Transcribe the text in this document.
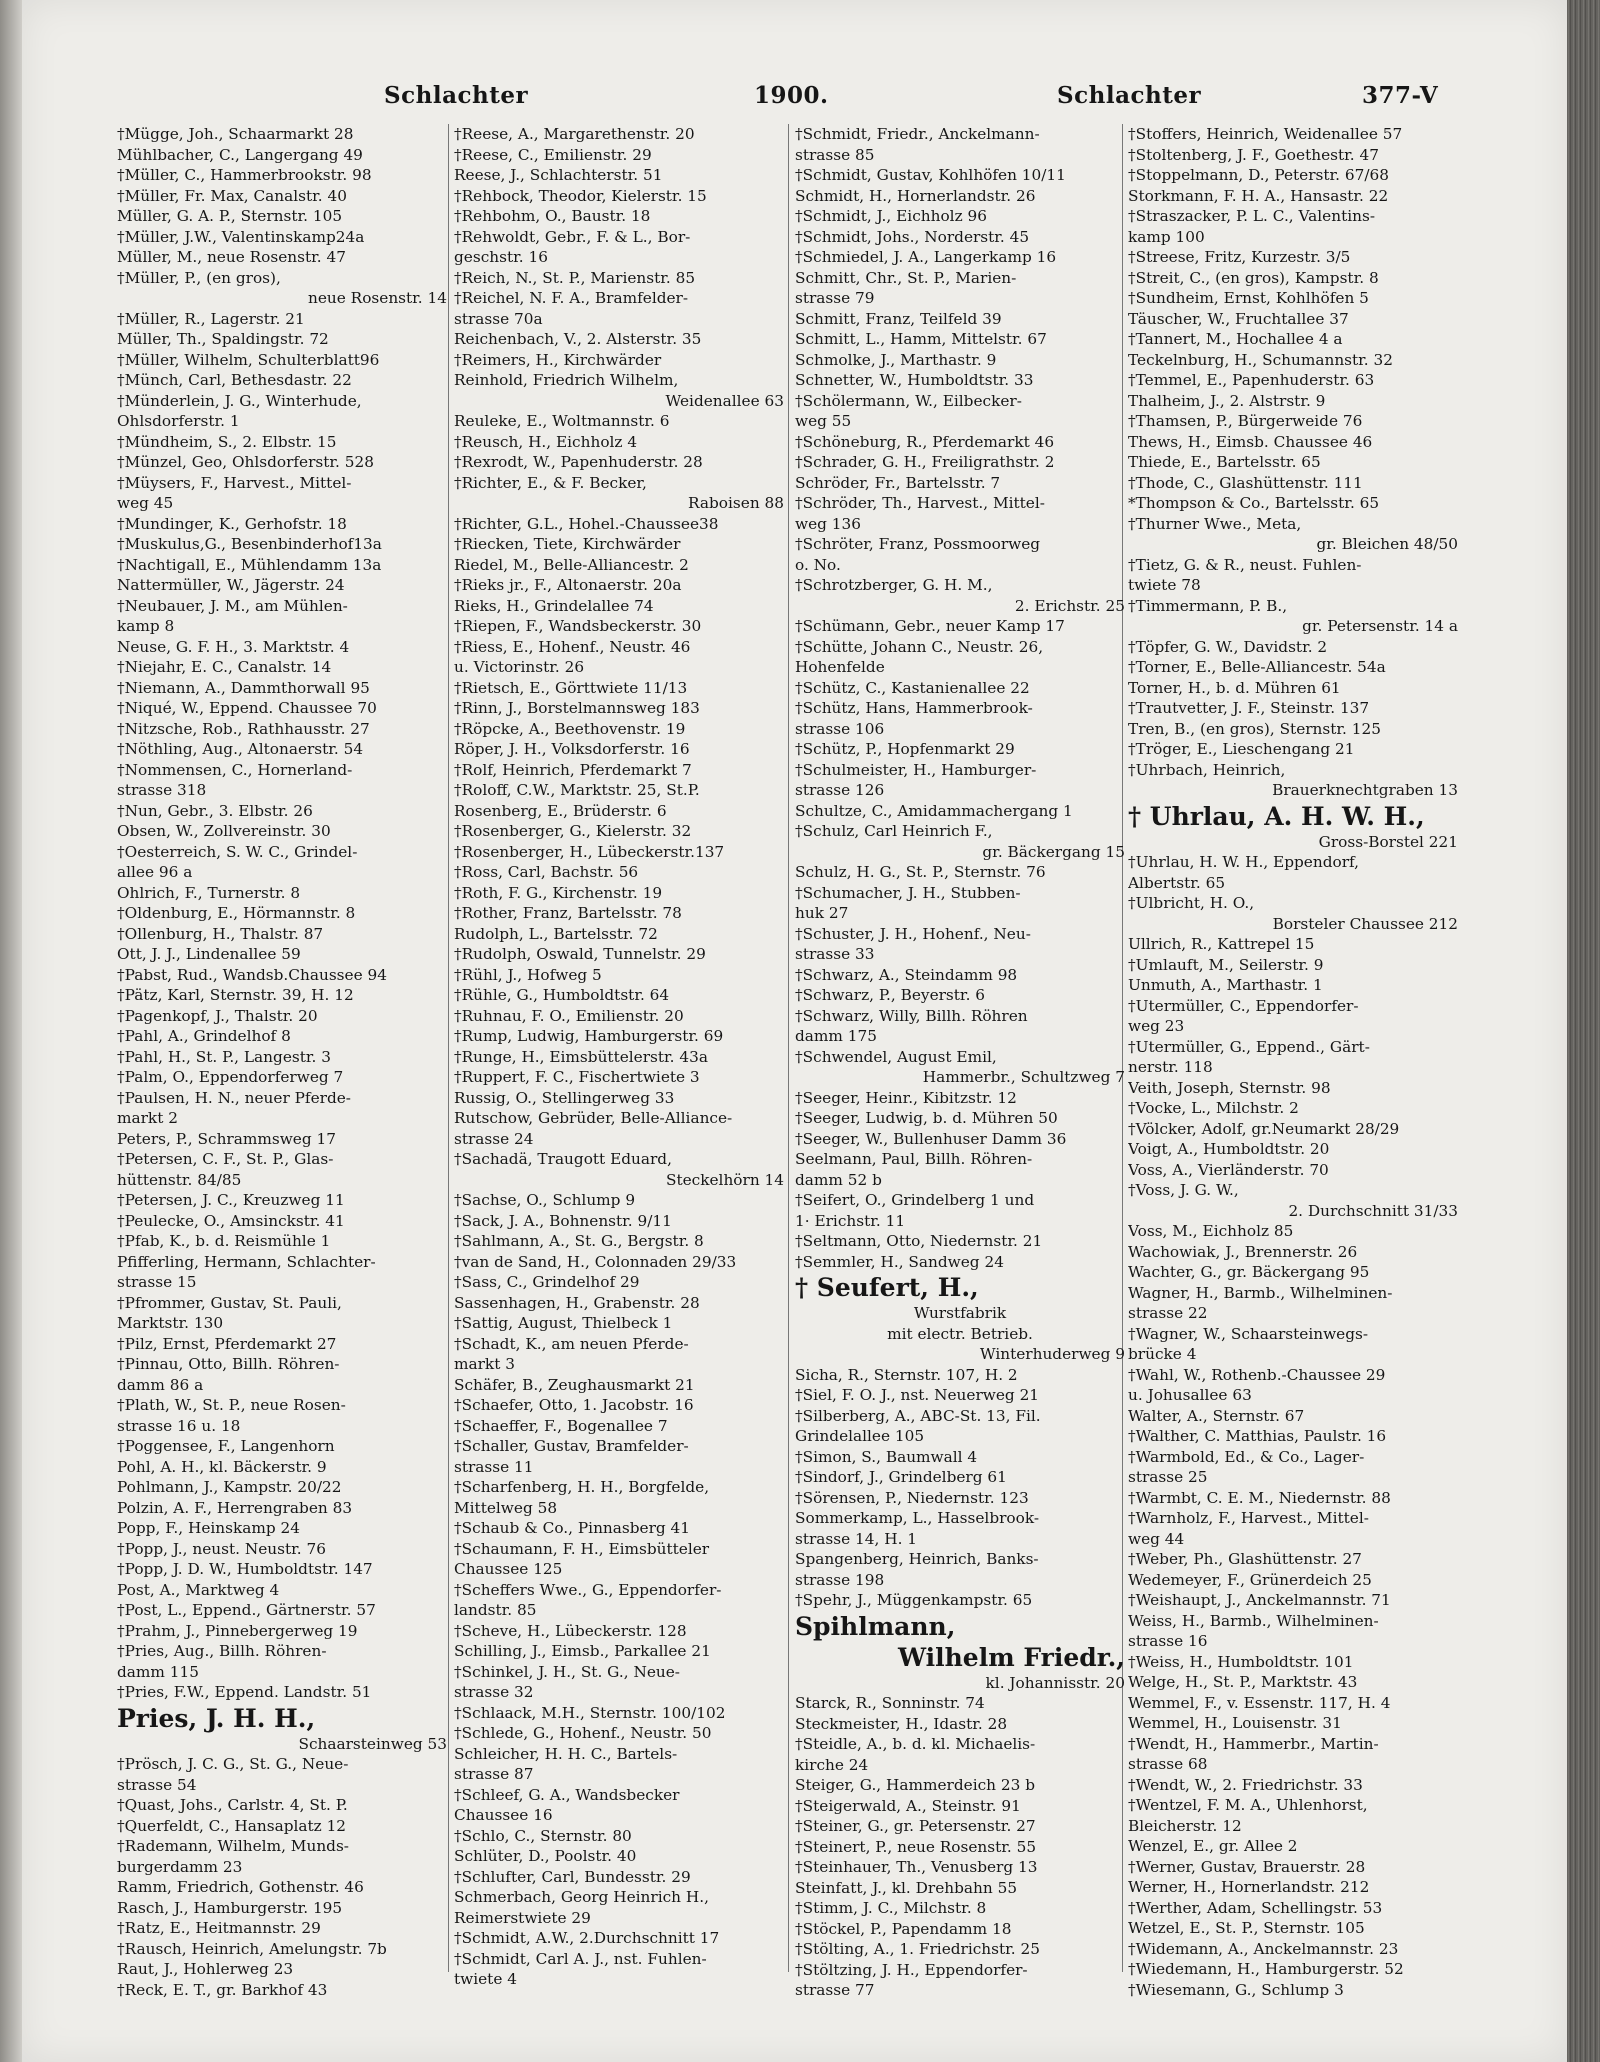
Schlachter	1900.	Schlachter	377-V
†Mügge, Joh., Schaarmarkt 28
Mühlbacher, C., Langergang 49
†Müller, C., Hammerbrookstr. 98
†Müller, Fr. Max, Canalstr. 40
Müller, G. A. P., Sternstr. 105
†Müller, J.W., Valentinskamp24a
Müller, M., neue Rosenstr. 47
†Müller, P., (en gros),
neue Rosenstr. 14
†Müller, R., Lagerstr. 21
Müller, Th., Spaldingstr. 72
†Müller, Wilhelm, Schulterblatt96
†Münch, Carl, Bethesdastr. 22
†Münderlein, J. G., Winterhude,
Ohlsdorferstr. 1
†Mündheim, S., 2. Elbstr. 15
†Münzel, Geo, Ohlsdorferstr. 528
†Müysers, F., Harvest., Mittel-
weg 45
†Mundinger, K., Gerhofstr. 18
†Muskulus,G., Besenbinderhof13a
†Nachtigall, E., Mühlendamm 13a
Nattermüller, W., Jägerstr. 24
†Neubauer, J. M., am Mühlen-
kamp 8
Neuse, G. F. H., 3. Marktstr. 4
†Niejahr, E. C., Canalstr. 14
†Niemann, A., Dammthorwall 95
†Niqué, W., Eppend. Chaussee 70
†Nitzsche, Rob., Rathhausstr. 27
†Nöthling, Aug., Altonaerstr. 54
†Nommensen, C., Hornerland-
strasse 318
†Nun, Gebr., 3. Elbstr. 26
Obsen, W., Zollvereinstr. 30
†Oesterreich, S. W. C., Grindel-
allee 96 a
Ohlrich, F., Turnerstr. 8
†Oldenburg, E., Hörmannstr. 8
†Ollenburg, H., Thalstr. 87
Ott, J. J., Lindenallee 59
†Pabst, Rud., Wandsb.Chaussee 94
†Pätz, Karl, Sternstr. 39, H. 12
†Pagenkopf, J., Thalstr. 20
†Pahl, A., Grindelhof 8
†Pahl, H., St. P., Langestr. 3
†Palm, O., Eppendorferweg 7
†Paulsen, H. N., neuer Pferde-
markt 2
Peters, P., Schrammsweg 17
†Petersen, C. F., St. P., Glas-
hüttenstr. 84/85
†Petersen, J. C., Kreuzweg 11
†Peulecke, O., Amsinckstr. 41
†Pfab, K., b. d. Reismühle 1
Pfifferling, Hermann, Schlachter-
strasse 15
†Pfrommer, Gustav, St. Pauli,
Marktstr. 130
†Pilz, Ernst, Pferdemarkt 27
†Pinnau, Otto, Billh. Röhren-
damm 86 a
†Plath, W., St. P., neue Rosen-
strasse 16 u. 18
†Poggensee, F., Langenhorn
Pohl, A. H., kl. Bäckerstr. 9
Pohlmann, J., Kampstr. 20/22
Polzin, A. F., Herrengraben 83
Popp, F., Heinskamp 24
†Popp, J., neust. Neustr. 76
†Popp, J. D. W., Humboldtstr. 147
Post, A., Marktweg 4
†Post, L., Eppend., Gärtnerstr. 57
†Prahm, J., Pinnebergerweg 19
†Pries, Aug., Billh. Röhren-
damm 115
†Pries, F.W., Eppend. Landstr. 51
Pries, J. H. H.,
Schaarsteinweg 53
†Prösch, J. C. G., St. G., Neue-
strasse 54
†Quast, Johs., Carlstr. 4, St. P.
†Querfeldt, C., Hansaplatz 12
†Rademann, Wilhelm, Munds-
burgerdamm 23
Ramm, Friedrich, Gothenstr. 46
Rasch, J., Hamburgerstr. 195
†Ratz, E., Heitmannstr. 29
†Rausch, Heinrich, Amelungstr. 7b
Raut, J., Hohlerweg 23
†Reck, E. T., gr. Barkhof 43
†Reese, A., Margarethenstr. 20
†Reese, C., Emilienstr. 29
Reese, J., Schlachterstr. 51
†Rehbock, Theodor, Kielerstr. 15
†Rehbohm, O., Baustr. 18
†Rehwoldt, Gebr., F. & L., Bor-
geschstr. 16
†Reich, N., St. P., Marienstr. 85
†Reichel, N. F. A., Bramfelder-
strasse 70a
Reichenbach, V., 2. Alsterstr. 35
†Reimers, H., Kirchwärder
Reinhold, Friedrich Wilhelm,
Weidenallee 63
Reuleke, E., Woltmannstr. 6
†Reusch, H., Eichholz 4
†Rexrodt, W., Papenhuderstr. 28
†Richter, E., & F. Becker,
Raboisen 88
†Richter, G.L., Hohel.-Chaussee38
†Riecken, Tiete, Kirchwärder
Riedel, M., Belle-Alliancestr. 2
†Rieks jr., F., Altonaerstr. 20a
Rieks, H., Grindelallee 74
†Riepen, F., Wandsbeckerstr. 30
†Riess, E., Hohenf., Neustr. 46
u. Victorinstr. 26
†Rietsch, E., Görttwiete 11/13
†Rinn, J., Borstelmannsweg 183
†Röpcke, A., Beethovenstr. 19
Röper, J. H., Volksdorferstr. 16
†Rolf, Heinrich, Pferdemarkt 7
†Roloff, C.W., Marktstr. 25, St.P.
Rosenberg, E., Brüderstr. 6
†Rosenberger, G., Kielerstr. 32
†Rosenberger, H., Lübeckerstr.137
†Ross, Carl, Bachstr. 56
†Roth, F. G., Kirchenstr. 19
†Rother, Franz, Bartelsstr. 78
Rudolph, L., Bartelsstr. 72
†Rudolph, Oswald, Tunnelstr. 29
†Rühl, J., Hofweg 5
†Rühle, G., Humboldtstr. 64
†Ruhnau, F. O., Emilienstr. 20
†Rump, Ludwig, Hamburgerstr. 69
†Runge, H., Eimsbüttelerstr. 43a
†Ruppert, F. C., Fischertwiete 3
Russig, O., Stellingerweg 33
Rutschow, Gebrüder, Belle-Alliance-
strasse 24
†Sachadä, Traugott Eduard,
Steckelhörn 14
†Sachse, O., Schlump 9
†Sack, J. A., Bohnenstr. 9/11
†Sahlmann, A., St. G., Bergstr. 8
†van de Sand, H., Colonnaden 29/33
†Sass, C., Grindelhof 29
Sassenhagen, H., Grabenstr. 28
†Sattig, August, Thielbeck 1
†Schadt, K., am neuen Pferde-
markt 3
Schäfer, B., Zeughausmarkt 21
†Schaefer, Otto, 1. Jacobstr. 16
†Schaeffer, F., Bogenallee 7
†Schaller, Gustav, Bramfelder-
strasse 11
†Scharfenberg, H. H., Borgfelde,
Mittelweg 58
†Schaub & Co., Pinnasberg 41
†Schaumann, F. H., Eimsbütteler
Chaussee 125
†Scheffers Wwe., G., Eppendorfer-
landstr. 85
†Scheve, H., Lübeckerstr. 128
Schilling, J., Eimsb., Parkallee 21
†Schinkel, J. H., St. G., Neue-
strasse 32
†Schlaack, M.H., Sternstr. 100/102
†Schlede, G., Hohenf., Neustr. 50
Schleicher, H. H. C., Bartels-
strasse 87
†Schleef, G. A., Wandsbecker
Chaussee 16
†Schlo, C., Sternstr. 80
Schlüter, D., Poolstr. 40
†Schlufter, Carl, Bundesstr. 29
Schmerbach, Georg Heinrich H.,
Reimerstwiete 29
†Schmidt, A.W., 2.Durchschnitt 17
†Schmidt, Carl A. J., nst. Fuhlen-
twiete 4
†Schmidt, Friedr., Anckelmann-
strasse 85
†Schmidt, Gustav, Kohlhöfen 10/11
Schmidt, H., Hornerlandstr. 26
†Schmidt, J., Eichholz 96
†Schmidt, Johs., Norderstr. 45
†Schmiedel, J. A., Langerkamp 16
Schmitt, Chr., St. P., Marien-
strasse 79
Schmitt, Franz, Teilfeld 39
Schmitt, L., Hamm, Mittelstr. 67
Schmolke, J., Marthastr. 9
Schnetter, W., Humboldtstr. 33
†Schölermann, W., Eilbecker-
weg 55
†Schöneburg, R., Pferdemarkt 46
†Schrader, G. H., Freiligrathstr. 2
Schröder, Fr., Bartelsstr. 7
†Schröder, Th., Harvest., Mittel-
weg 136
†Schröter, Franz, Possmoorweg
o. No.
†Schrotzberger, G. H. M.,
2. Erichstr. 25
†Schümann, Gebr., neuer Kamp 17
†Schütte, Johann C., Neustr. 26,
Hohenfelde
†Schütz, C., Kastanienallee 22
†Schütz, Hans, Hammerbrook-
strasse 106
†Schütz, P., Hopfenmarkt 29
†Schulmeister, H., Hamburger-
strasse 126
Schultze, C., Amidammachergang 1
†Schulz, Carl Heinrich F.,
gr. Bäckergang 15
Schulz, H. G., St. P., Sternstr. 76
†Schumacher, J. H., Stubben-
huk 27
†Schuster, J. H., Hohenf., Neu-
strasse 33
†Schwarz, A., Steindamm 98
†Schwarz, P., Beyerstr. 6
†Schwarz, Willy, Billh. Röhren
damm 175
†Schwendel, August Emil,
Hammerbr., Schultzweg 7
†Seeger, Heinr., Kibitzstr. 12
†Seeger, Ludwig, b. d. Mühren 50
†Seeger, W., Bullenhuser Damm 36
Seelmann, Paul, Billh. Röhren-
damm 52 b
†Seifert, O., Grindelberg 1 und
1· Erichstr. 11
†Seltmann, Otto, Niedernstr. 21
†Semmler, H., Sandweg 24
† Seufert, H.,
Wurstfabrik
mit electr. Betrieb.
Winterhuderweg 9
Sicha, R., Sternstr. 107, H. 2
†Siel, F. O. J., nst. Neuerweg 21
†Silberberg, A., ABC-St. 13, Fil.
Grindelallee 105
†Simon, S., Baumwall 4
†Sindorf, J., Grindelberg 61
†Sörensen, P., Niedernstr. 123
Sommerkamp, L., Hasselbrook-
strasse 14, H. 1
Spangenberg, Heinrich, Banks-
strasse 198
†Spehr, J., Müggenkampstr. 65
Spihlmann,
Wilhelm Friedr.,
kl. Johannisstr. 20
Starck, R., Sonninstr. 74
Steckmeister, H., Idastr. 28
†Steidle, A., b. d. kl. Michaelis-
kirche 24
Steiger, G., Hammerdeich 23 b
†Steigerwald, A., Steinstr. 91
†Steiner, G., gr. Petersenstr. 27
†Steinert, P., neue Rosenstr. 55
†Steinhauer, Th., Venusberg 13
Steinfatt, J., kl. Drehbahn 55
†Stimm, J. C., Milchstr. 8
†Stöckel, P., Papendamm 18
†Stölting, A., 1. Friedrichstr. 25
†Stöltzing, J. H., Eppendorfer-
strasse 77
†Stoffers, Heinrich, Weidenallee 57
†Stoltenberg, J. F., Goethestr. 47
†Stoppelmann, D., Peterstr. 67/68
Storkmann, F. H. A., Hansastr. 22
†Straszacker, P. L. C., Valentins-
kamp 100
†Streese, Fritz, Kurzestr. 3/5
†Streit, C., (en gros), Kampstr. 8
†Sundheim, Ernst, Kohlhöfen 5
Täuscher, W., Fruchtallee 37
†Tannert, M., Hochallee 4 a
Teckelnburg, H., Schumannstr. 32
†Temmel, E., Papenhuderstr. 63
Thalheim, J., 2. Alstrstr. 9
†Thamsen, P., Bürgerweide 76
Thews, H., Eimsb. Chaussee 46
Thiede, E., Bartelsstr. 65
†Thode, C., Glashüttenstr. 111
*Thompson & Co., Bartelsstr. 65
†Thurner Wwe., Meta,
gr. Bleichen 48/50
†Tietz, G. & R., neust. Fuhlen-
twiete 78
†Timmermann, P. B.,
gr. Petersenstr. 14 a
†Töpfer, G. W., Davidstr. 2
†Torner, E., Belle-Alliancestr. 54a
Torner, H., b. d. Mühren 61
†Trautvetter, J. F., Steinstr. 137
Tren, B., (en gros), Sternstr. 125
†Tröger, E., Lieschengang 21
†Uhrbach, Heinrich,
Brauerknechtgraben 13
† Uhrlau, A. H. W. H.,
Gross-Borstel 221
†Uhrlau, H. W. H., Eppendorf,
Albertstr. 65
†Ulbricht, H. O.,
Borsteler Chaussee 212
Ullrich, R., Kattrepel 15
†Umlauft, M., Seilerstr. 9
Unmuth, A., Marthastr. 1
†Utermüller, C., Eppendorfer-
weg 23
†Utermüller, G., Eppend., Gärt-
nerstr. 118
Veith, Joseph, Sternstr. 98
†Vocke, L., Milchstr. 2
†Völcker, Adolf, gr.Neumarkt 28/29
Voigt, A., Humboldtstr. 20
Voss, A., Vierländerstr. 70
†Voss, J. G. W.,
2. Durchschnitt 31/33
Voss, M., Eichholz 85
Wachowiak, J., Brennerstr. 26
Wachter, G., gr. Bäckergang 95
Wagner, H., Barmb., Wilhelminen-
strasse 22
†Wagner, W., Schaarsteinwegs-
brücke 4
†Wahl, W., Rothenb.-Chaussee 29
u. Johusallee 63
Walter, A., Sternstr. 67
†Walther, C. Matthias, Paulstr. 16
†Warmbold, Ed., & Co., Lager-
strasse 25
†Warmbt, C. E. M., Niedernstr. 88
†Warnholz, F., Harvest., Mittel-
weg 44
†Weber, Ph., Glashüttenstr. 27
Wedemeyer, F., Grünerdeich 25
†Weishaupt, J., Anckelmannstr. 71
Weiss, H., Barmb., Wilhelminen-
strasse 16
†Weiss, H., Humboldtstr. 101
Welge, H., St. P., Marktstr. 43
Wemmel, F., v. Essenstr. 117, H. 4
Wemmel, H., Louisenstr. 31
†Wendt, H., Hammerbr., Martin-
strasse 68
†Wendt, W., 2. Friedrichstr. 33
†Wentzel, F. M. A., Uhlenhorst,
Bleicherstr. 12
Wenzel, E., gr. Allee 2
†Werner, Gustav, Brauerstr. 28
Werner, H., Hornerlandstr. 212
†Werther, Adam, Schellingstr. 53
Wetzel, E., St. P., Sternstr. 105
†Widemann, A., Anckelmannstr. 23
†Wiedemann, H., Hamburgerstr. 52
†Wiesemann, G., Schlump 3
